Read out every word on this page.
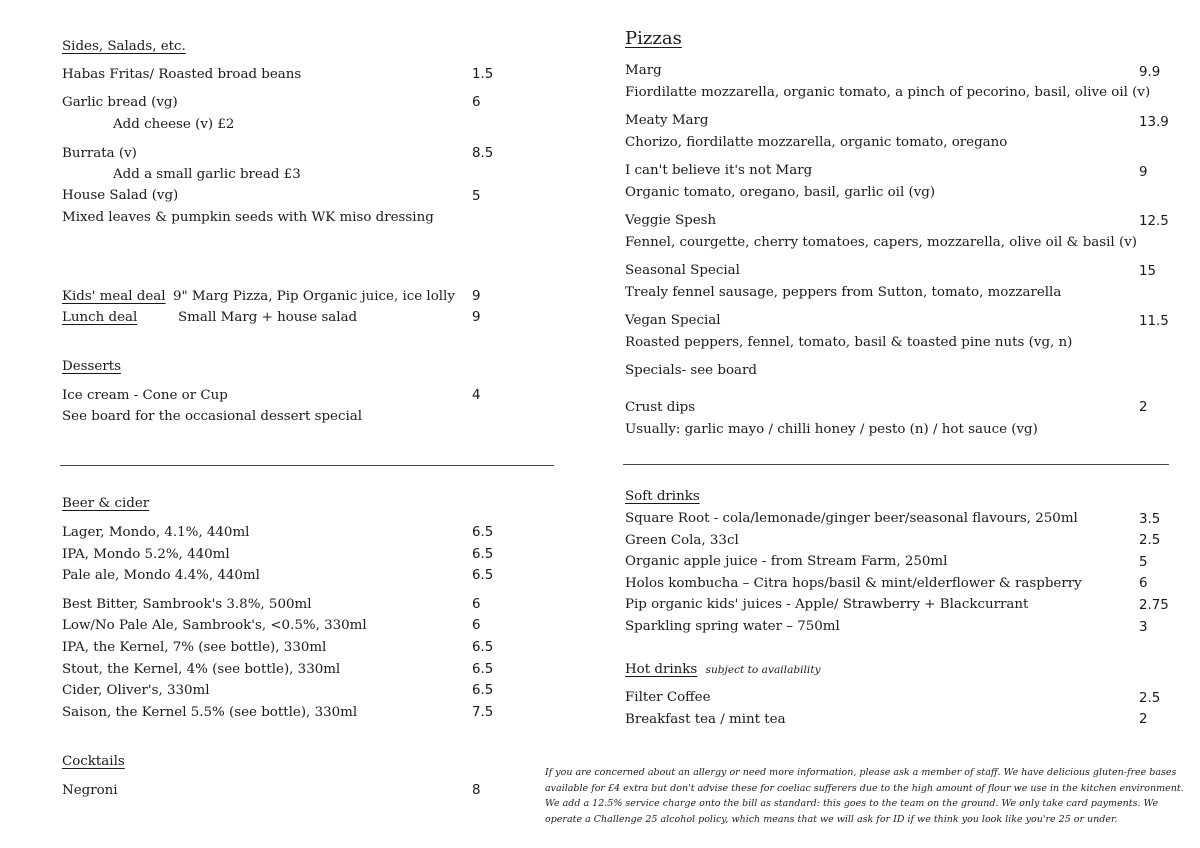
Sides, Salads, etc.
Habas Fritas/ Roasted broad beans	1.5
Garlic bread (vg)	6
Add cheese (v) £2
Burrata (v)	8.5
Add a small garlic bread £3
House Salad (vg)	5
Mixed leaves & pumpkin seeds with WK miso dressing
Kids' meal deal 9" Marg Pizza, Pip Organic juice, ice lolly 9
Lunch deal	Small Marg + house salad	9
Desserts
Ice cream - Cone or Cup	4
See board for the occasional dessert special
Beer & cider
Lager, Mondo, 4.1%, 440ml	6.5
IPA, Mondo 5.2%, 440ml	6.5
Pale ale, Mondo 4.4%, 440ml	6.5
Best Bitter, Sambrook's 3.8%, 500ml	6
Low/No Pale Ale, Sambrook's, <0.5%, 330ml	6
IPA, the Kernel, 7% (see bottle), 330ml	6.5
Stout, the Kernel, 4% (see bottle), 330ml	6.5
Cider, Oliver's, 330ml	6.5
Saison, the Kernel 5.5% (see bottle), 330ml	7.5
Cocktails
Negroni	8
Pizzas
Marg	9.9
Fiordilatte mozzarella, organic tomato, a pinch of pecorino, basil, olive oil (v)
Meaty Marg	13.9
Chorizo, fiordilatte mozzarella, organic tomato, oregano
I can't believe it's not Marg	9
Organic tomato, oregano, basil, garlic oil (vg)
Veggie Spesh	12.5
Fennel, courgette, cherry tomatoes, capers, mozzarella, olive oil & basil (v)
Seasonal Special	15
Trealy fennel sausage, peppers from Sutton, tomato, mozzarella
Vegan Special	11.5
Roasted peppers, fennel, tomato, basil & toasted pine nuts (vg, n)
Specials- see board
Crust dips	2
Usually: garlic mayo / chilli honey / pesto (n) / hot sauce (vg)
Soft drinks
Square Root - cola/lemonade/ginger beer/seasonal flavours, 250ml	3.5
Green Cola, 33cl	2.5
Organic apple juice - from Stream Farm, 250ml	5
Holos kombucha – Citra hops/basil & mint/elderflower & raspberry	6
Pip organic kids' juices - Apple/ Strawberry + Blackcurrant	2.75
Sparkling spring water – 750ml	3
Hot drinks subject to availability
Filter Coffee	2.5
Breakfast tea / mint tea	2
If you are concerned about an allergy or need more information, please ask a member of staff. We have delicious gluten-free bases available for £4 extra but don't advise these for coeliac sufferers due to the high amount of flour we use in the kitchen environment. We add a 12.5% service charge onto the bill as standard: this goes to the team on the ground. We only take card payments. We operate a Challenge 25 alcohol policy, which means that we will ask for ID if we think you look like you're 25 or under.
